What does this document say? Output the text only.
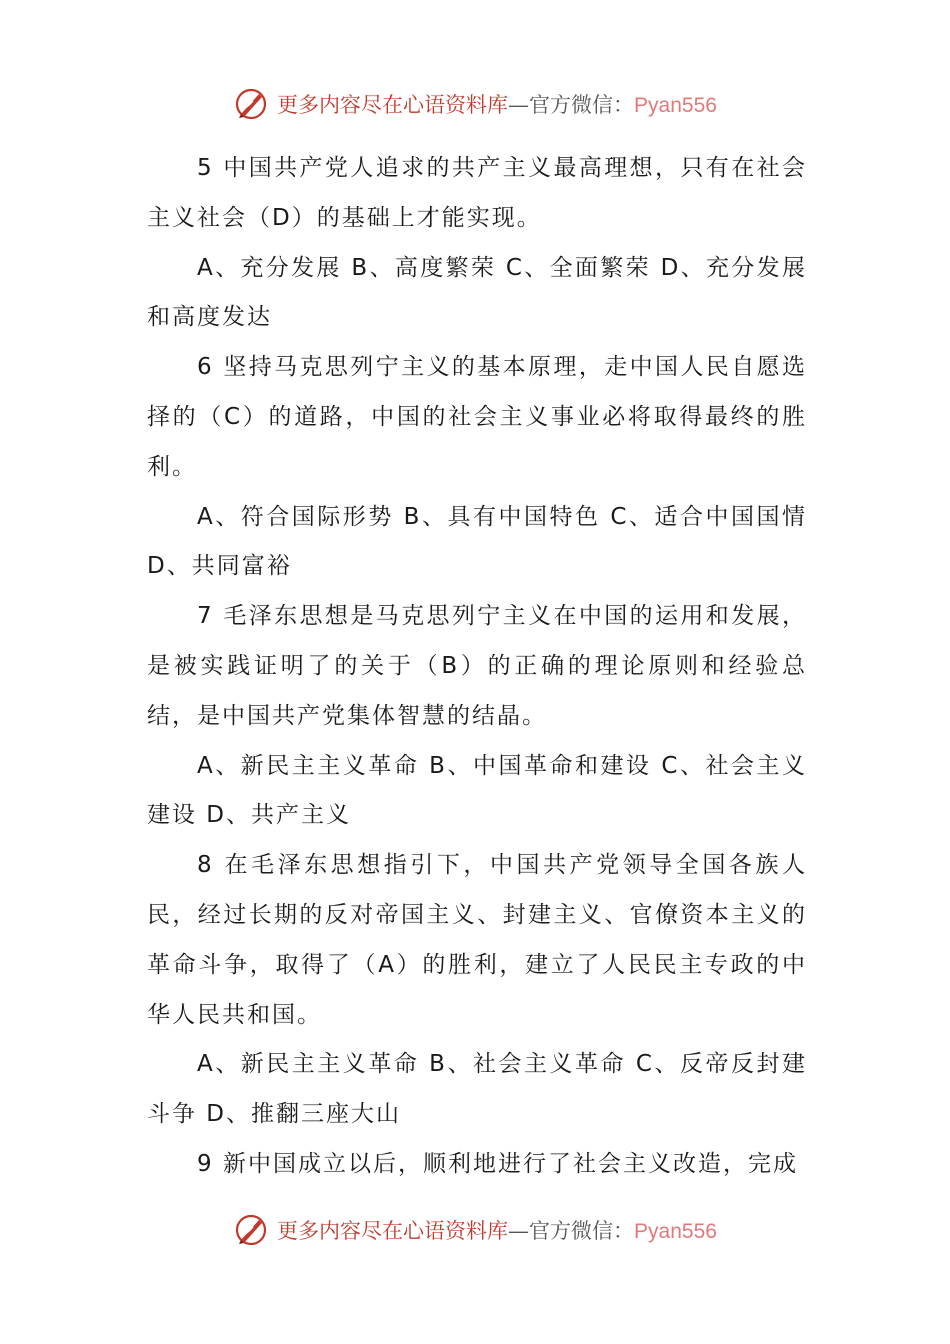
更多内容尽在心语资料库—官方微信：Pyan556

5 中国共产党人追求的共产主义最高理想，只有在社会主义社会（D）的基础上才能实现。

A、充分发展 B、高度繁荣 C、全面繁荣 D、充分发展和高度发达

6 坚持马克思列宁主义的基本原理，走中国人民自愿选择的（C）的道路，中国的社会主义事业必将取得最终的胜利。

A、符合国际形势 B、具有中国特色 C、适合中国国情 D、共同富裕

7 毛泽东思想是马克思列宁主义在中国的运用和发展，是被实践证明了的关于（B）的正确的理论原则和经验总结，是中国共产党集体智慧的结晶。

A、新民主主义革命 B、中国革命和建设 C、社会主义建设 D、共产主义

8 在毛泽东思想指引下，中国共产党领导全国各族人民，经过长期的反对帝国主义、封建主义、官僚资本主义的革命斗争，取得了（A）的胜利，建立了人民民主专政的中华人民共和国。

A、新民主主义革命 B、社会主义革命 C、反帝反封建斗争 D、推翻三座大山

9 新中国成立以后，顺利地进行了社会主义改造，完成

更多内容尽在心语资料库—官方微信：Pyan556
